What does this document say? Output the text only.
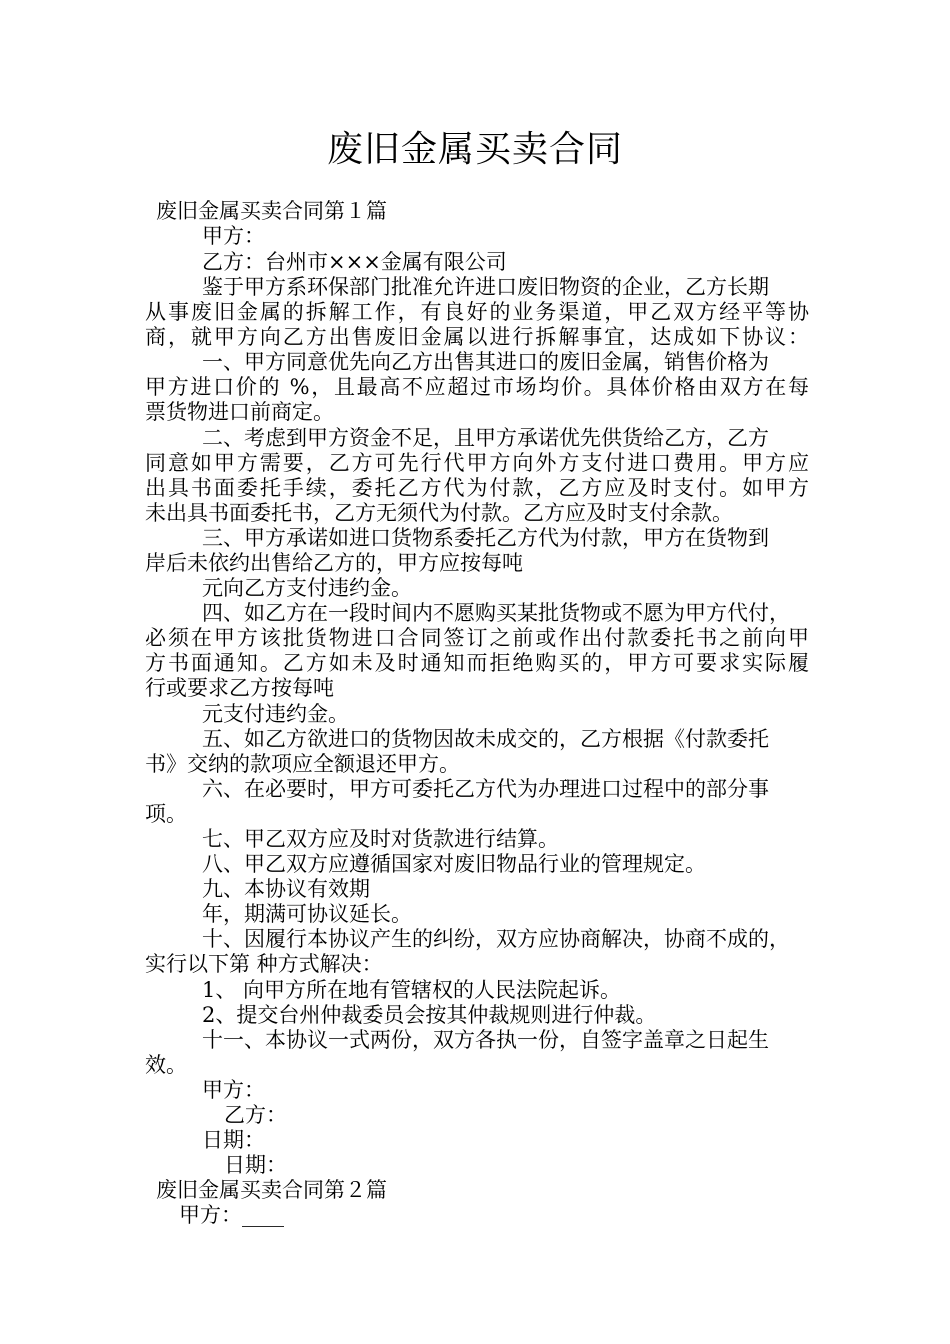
废旧金属买卖合同
废旧金属买卖合同第１篇
甲方：
乙方：台州市×××金属有限公司
鉴于甲方系环保部门批准允许进口废旧物资的企业，乙方长期
从事废旧金属的拆解工作，有良好的业务渠道，甲乙双方经平等协
商，就甲方向乙方出售废旧金属以进行拆解事宜，达成如下协议：
一、甲方同意优先向乙方出售其进口的废旧金属，销售价格为
甲方进口价的 %，且最高不应超过市场均价。具体价格由双方在每
票货物进口前商定。
二、考虑到甲方资金不足，且甲方承诺优先供货给乙方，乙方
同意如甲方需要，乙方可先行代甲方向外方支付进口费用。甲方应
出具书面委托手续，委托乙方代为付款，乙方应及时支付。如甲方
未出具书面委托书，乙方无须代为付款。乙方应及时支付余款。
三、甲方承诺如进口货物系委托乙方代为付款，甲方在货物到
岸后未依约出售给乙方的，甲方应按每吨
元向乙方支付违约金。
四、如乙方在一段时间内不愿购买某批货物或不愿为甲方代付，
必须在甲方该批货物进口合同签订之前或作出付款委托书之前向甲
方书面通知。乙方如未及时通知而拒绝购买的，甲方可要求实际履
行或要求乙方按每吨
元支付违约金。
五、如乙方欲进口的货物因故未成交的，乙方根据《付款委托
书》交纳的款项应全额退还甲方。
六、在必要时，甲方可委托乙方代为办理进口过程中的部分事
项。
七、甲乙双方应及时对货款进行结算。
八、甲乙双方应遵循国家对废旧物品行业的管理规定。
九、本协议有效期
年，期满可协议延长。
十、因履行本协议产生的纠纷，双方应协商解决，协商不成的，
实行以下第 种方式解决：
1、 向甲方所在地有管辖权的人民法院起诉。
2、提交台州仲裁委员会按其仲裁规则进行仲裁。
十一、本协议一式两份，双方各执一份，自签字盖章之日起生
效。
甲方：
乙方：
日期：
日期：
废旧金属买卖合同第２篇
甲方：____
